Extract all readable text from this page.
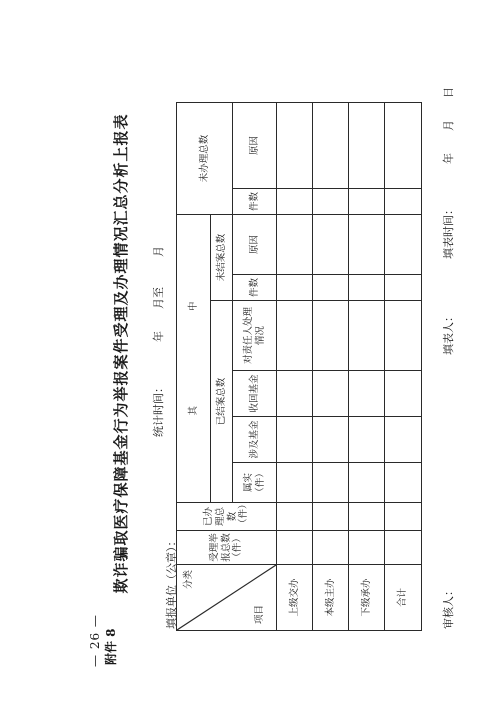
— 26 — 附件 8
欺诈骗取医疗保障基金行为举报案件受理及办理情况汇总分析上报表 统计时间：年月至月
填报单位（公章）： 分类
项目	受理举报总数（件）	已办理总数（件）	其　　　　　　　　　　中						未办理总数	
			已结案总数				未结案总数			
			属实（件）	涉及基金	收回基金	对责任人处理情况	件数	原因	件数	原因
上级交办										
本级主办										
下级承办										
合计											审核人：
填表人：
填表时间：年月日
